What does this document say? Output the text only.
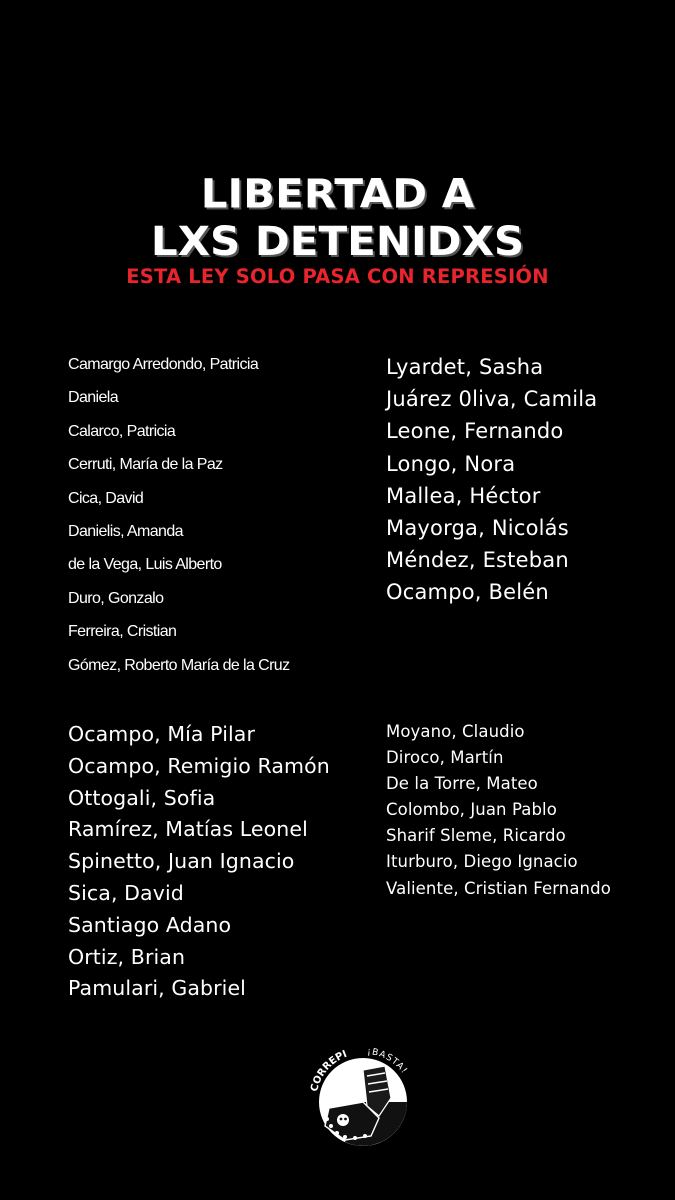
LIBERTAD A
LXS DETENIDXS
ESTA LEY SOLO PASA CON REPRESIÓN
Camargo Arredondo, Patricia
Daniela
Calarco, Patricia
Cerruti, María de la Paz
Cica, David
Danielis, Amanda
de la Vega, Luis Alberto
Duro, Gonzalo
Ferreira, Cristian
Gómez, Roberto María de la Cruz
Lyardet, Sasha
Juárez 0liva, Camila
Leone, Fernando
Longo, Nora
Mallea, Héctor
Mayorga, Nicolás
Méndez, Esteban
Ocampo, Belén
Ocampo, Mía Pilar
Ocampo, Remigio Ramón
Ottogali, Sofia
Ramírez, Matías Leonel
Spinetto, Juan Ignacio
Sica, David
Santiago Adano
Ortiz, Brian
Pamulari, Gabriel
Moyano, Claudio
Diroco, Martín
De la Torre, Mateo
Colombo, Juan Pablo
Sharif Sleme, Ricardo
Iturburo, Diego Ignacio
Valiente, Cristian Fernando
CORREPI ¡BASTA!
